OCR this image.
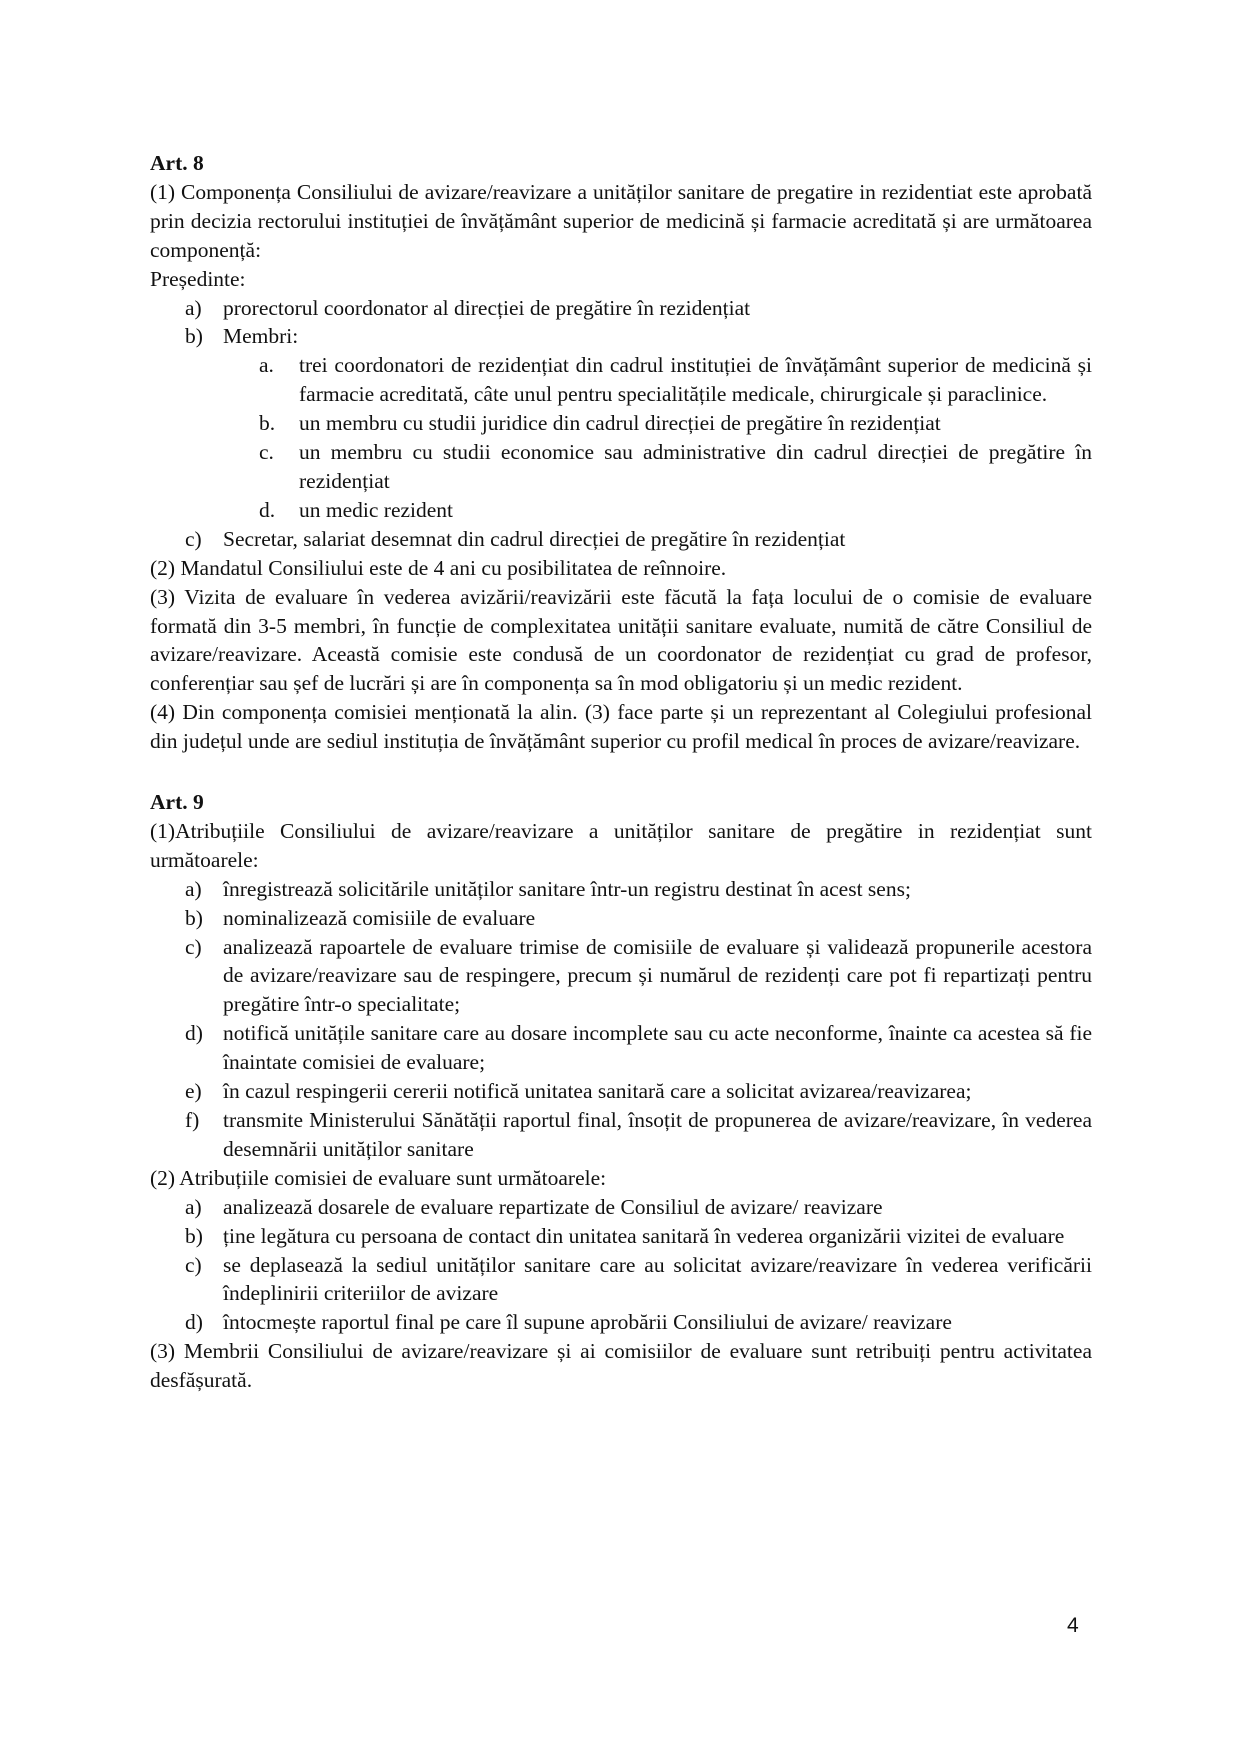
Art. 8

(1) Componența Consiliului de avizare/reavizare a unităților sanitare de pregatire in rezidentiat este aprobată prin decizia rectorului instituției de învățământ superior de medicină și farmacie acreditată și are următoarea componență:

Președinte:

a) prorectorul coordonator al direcției de pregătire în rezidențiat
b) Membri:
a.	trei coordonatori de rezidențiat din cadrul instituției de învățământ superior de medicină și farmacie acreditată, câte unul pentru specialitățile medicale, chirurgicale și paraclinice.
b.	un membru cu studii juridice din cadrul direcției de pregătire în rezidențiat
c.	un membru cu studii economice sau administrative din cadrul direcției de pregătire în rezidențiat
d.	un medic rezident
c) Secretar, salariat desemnat din cadrul direcției de pregătire în rezidențiat

(2) Mandatul Consiliului este de 4 ani cu posibilitatea de reînnoire.

(3) Vizita de evaluare în vederea avizării/reavizării este făcută la fața locului de o comisie de evaluare formată din 3-5 membri, în funcție de complexitatea unității sanitare evaluate, numită de către Consiliul de avizare/reavizare. Această comisie este condusă de un coordonator de rezidențiat cu grad de profesor, conferențiar sau șef de lucrări și are în componența sa în mod obligatoriu și un medic rezident.

(4) Din componența comisiei menționată la alin. (3) face parte și un reprezentant al Colegiului profesional din județul unde are sediul instituția de învățământ superior cu profil medical în proces de avizare/reavizare.

Art. 9

(1)Atribuțiile Consiliului de avizare/reavizare a unităților sanitare de pregătire in rezidențiat sunt următoarele:

a) înregistrează solicitările unităților sanitare într-un registru destinat în acest sens;
b) nominalizează comisiile de evaluare
c) analizează rapoartele de evaluare trimise de comisiile de evaluare și validează propunerile acestora de avizare/reavizare sau de respingere, precum și numărul de rezidenți care pot fi repartizați pentru pregătire într-o specialitate;
d) notifică unitățile sanitare care au dosare incomplete sau cu acte neconforme, înainte ca acestea să fie înaintate comisiei de evaluare;
e) în cazul respingerii cererii notifică unitatea sanitară care a solicitat avizarea/reavizarea;
f)	transmite Ministerului Sănătății raportul final, însoțit de propunerea de avizare/reavizare, în vederea desemnării unităților sanitare

(2) Atribuțiile comisiei de evaluare sunt următoarele:

a) analizează dosarele de evaluare repartizate de Consiliul de avizare/ reavizare
b) ține legătura cu persoana de contact din unitatea sanitară în vederea organizării vizitei de evaluare
c) se deplasează la sediul unităților sanitare care au solicitat avizare/reavizare în vederea verificării îndeplinirii criteriilor de avizare
d) întocmește raportul final pe care îl supune aprobării Consiliului de avizare/ reavizare

(3) Membrii Consiliului de avizare/reavizare și ai comisiilor de evaluare sunt retribuiți pentru activitatea desfășurată.

4
